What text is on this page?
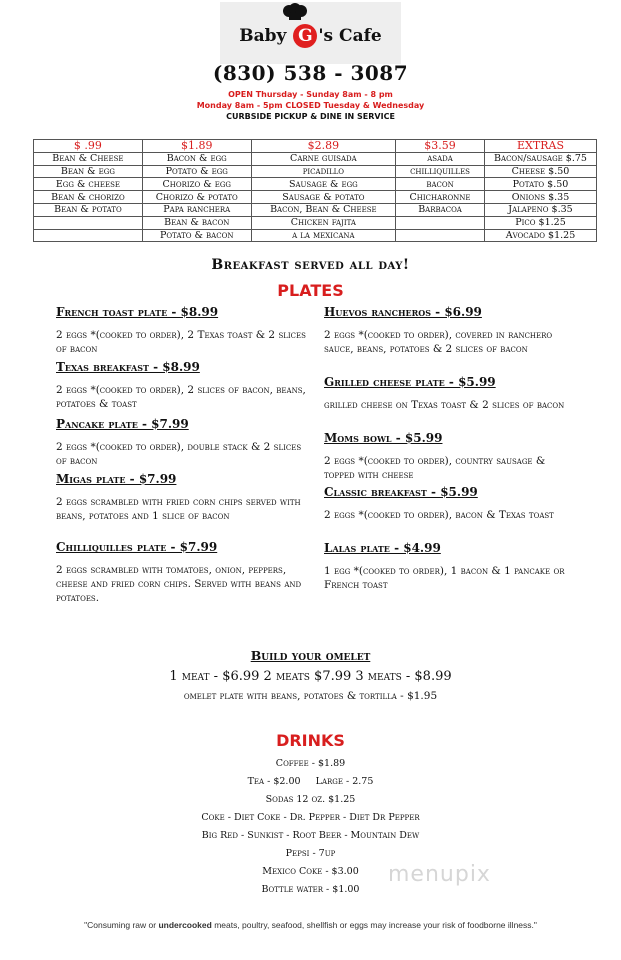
Baby G 's Cafe
(830) 538 - 3087
OPEN Thursday - Sunday 8am - 8 pm
Monday 8am - 5pm CLOSED Tuesday & Wednesday
CURBSIDE PICKUP & DINE IN SERVICE
$ .99	$1.89	$2.89	$3.59	EXTRAS
Bean & Cheese	Bacon & egg	Carne guisada	asada	Bacon/sausage $.75
Bean & egg	Potato & egg	picadillo	chilliquilles	Cheese $.50
Egg & cheese	Chorizo & egg	Sausage & egg	bacon	Potato $.50
Bean & chorizo	Chorizo & potato	Sausage & potato	Chicharonne	Onions $.35
Bean & potato	Papa ranchera	Bacon, Bean & Cheese	Barbacoa	Jalapeno $.35
	Bean & bacon	Chicken fajita		Pico $1.25
	Potato & bacon	a la mexicana		Avocado $1.25
Breakfast served all day!
PLATES
French toast plate - $8.99
2 eggs *(cooked to order), 2 Texas toast & 2 slices of bacon
Texas breakfast - $8.99
2 eggs *(cooked to order), 2 slices of bacon, beans, potatoes & toast
Pancake plate - $7.99
2 eggs *(cooked to order), double stack & 2 slices of bacon
Migas plate - $7.99
2 eggs scrambled with fried corn chips served with beans, potatoes and 1 slice of bacon
Chilliquilles plate - $7.99
2 eggs scrambled with tomatoes, onion, peppers, cheese and fried corn chips. Served with beans and potatoes.
Huevos rancheros - $6.99
2 eggs *(cooked to order), covered in ranchero sauce, beans, potatoes & 2 slices of bacon
Grilled cheese plate - $5.99
grilled cheese on Texas toast & 2 slices of bacon
Moms bowl - $5.99
2 eggs *(cooked to order), country sausage & topped with cheese
Classic breakfast - $5.99
2 eggs *(cooked to order), bacon & Texas toast
Lalas plate - $4.99
1 egg *(cooked to order), 1 bacon & 1 pancake or French toast
Build your omelet
1 meat - $6.99 2 meats $7.99 3 meats - $8.99
omelet plate with beans, potatoes & tortilla - $1.95
DRINKS
Coffee - $1.89
Tea - $2.00     Large - 2.75
Sodas 12 oz. $1.25
Coke - Diet Coke - Dr. Pepper - Diet Dr Pepper
Big Red - Sunkist - Root Beer - Mountain Dew
Pepsi - 7up
Mexico Coke - $3.00
Bottle water - $1.00
menupix
"Consuming raw or undercooked meats, poultry, seafood, shellfish or eggs may increase your risk of foodborne illness."
